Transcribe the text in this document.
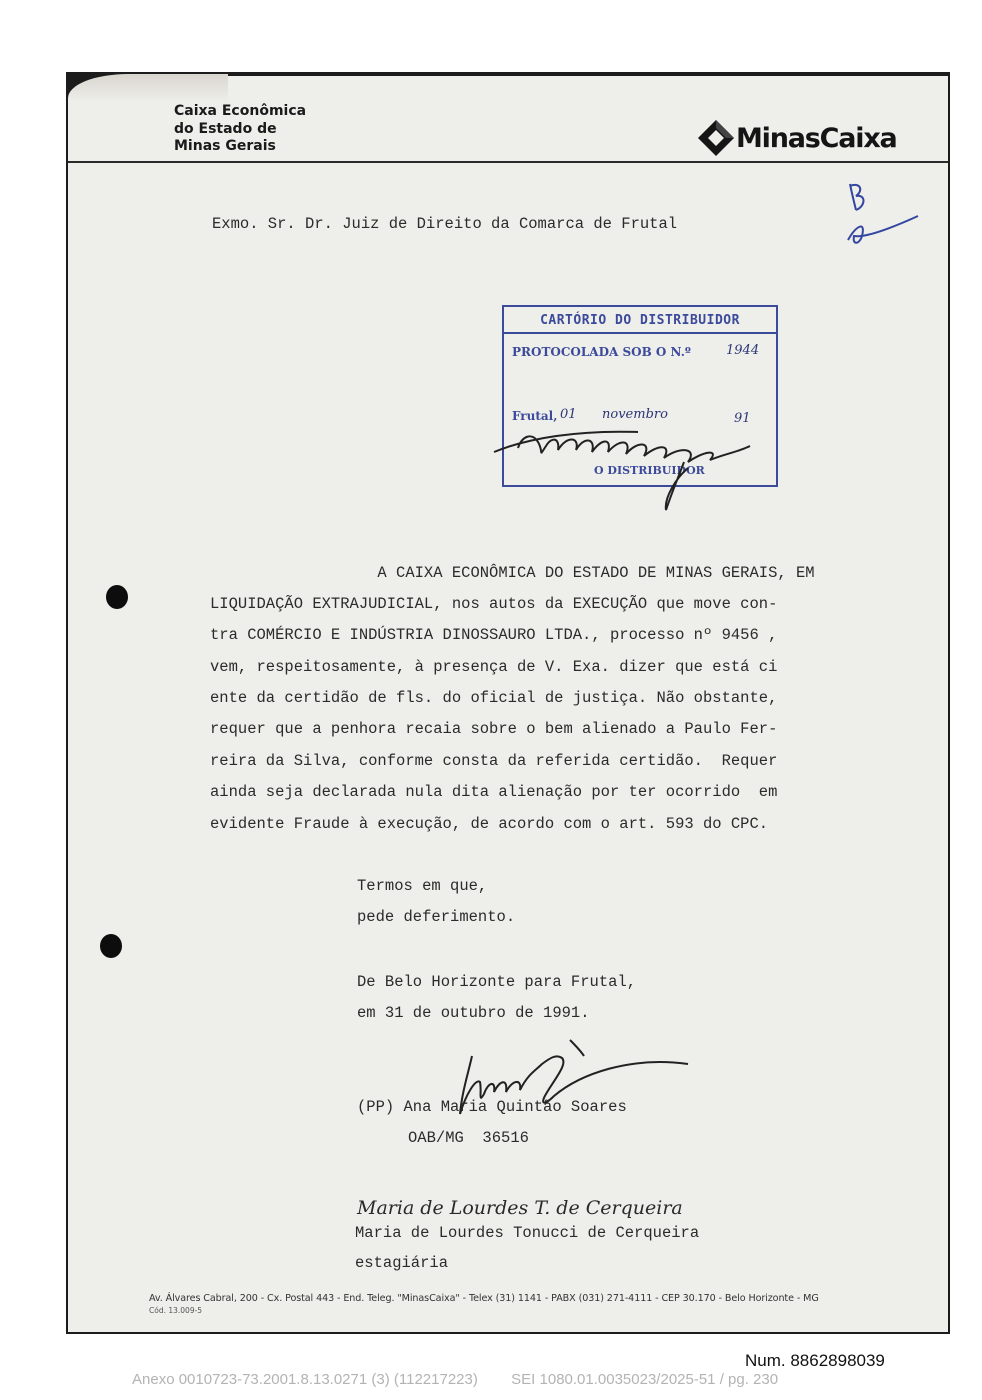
Caixa Econômica
do Estado de
Minas Gerais	MinasCaixa
Exmo. Sr. Dr. Juiz de Direito da Comarca de Frutal
CARTÓRIO DO DISTRIBUIDOR
PROTOCOLADA SOB O N.º	1944
Frutal, 01 novembro	91
O DISTRIBUIDOR
A CAIXA ECONÔMICA DO ESTADO DE MINAS GERAIS, EM
LIQUIDAÇÃO EXTRAJUDICIAL, nos autos da EXECUÇÃO que move con-
tra COMÉRCIO E INDÚSTRIA DINOSSAURO LTDA., processo nº 9456 ,
vem, respeitosamente, à presença de V. Exa. dizer que está ci
ente da certidão de fls. do oficial de justiça. Não obstante,
requer que a penhora recaia sobre o bem alienado a Paulo Fer-
reira da Silva, conforme consta da referida certidão.  Requer
ainda seja declarada nula dita alienação por ter ocorrido  em
evidente Fraude à execução, de acordo com o art. 593 do CPC.
Termos em que,
pede deferimento.
De Belo Horizonte para Frutal,
em 31 de outubro de 1991.
(PP) Ana Maria Quintão Soares
OAB/MG  36516
Maria de Lourdes T. de Cerqueira
Maria de Lourdes Tonucci de Cerqueira
estagiária
Av. Álvares Cabral, 200 - Cx. Postal 443 - End. Teleg. "MinasCaixa" - Telex (31) 1141 - PABX (031) 271-4111 - CEP 30.170 - Belo Horizonte - MG
Cód. 13.009-5
Num. 8862898039
Anexo 0010723-73.2001.8.13.0271 (3) (112217223)        SEI 1080.01.0035023/2025-51 / pg. 230
